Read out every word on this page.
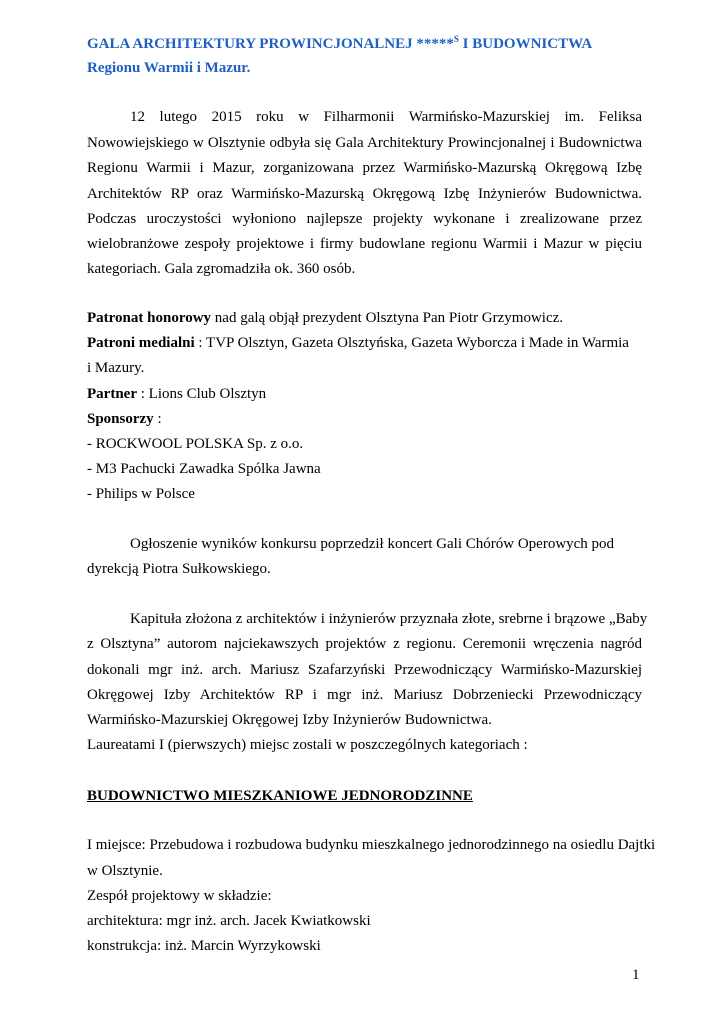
GALA ARCHITEKTURY PROWINCJONALNEJ *****$^S$ I BUDOWNICTWA
Regionu Warmii i Mazur.
12 lutego 2015 roku w Filharmonii Warmińsko-Mazurskiej im. Feliksa
Nowowiejskiego w Olsztynie odbyła się Gala Architektury Prowincjonalnej i Budownictwa
Regionu Warmii i Mazur, zorganizowana przez Warmińsko-Mazurską Okręgową Izbę
Architektów RP oraz Warmińsko-Mazurską Okręgową Izbę Inżynierów Budownictwa.
Podczas uroczystości wyłoniono najlepsze projekty wykonane i zrealizowane przez
wielobranżowe zespoły projektowe i firmy budowlane regionu Warmii i Mazur w pięciu
kategoriach. Gala zgromadziła ok. 360 osób.
Patronat honorowy nad galą objął prezydent Olsztyna Pan Piotr Grzymowicz.
Patroni medialni : TVP Olsztyn, Gazeta Olsztyńska, Gazeta Wyborcza i Made in Warmia
i Mazury.
Partner : Lions Club Olsztyn
Sponsorzy :
- ROCKWOOL POLSKA Sp. z o.o.
- M3 Pachucki Zawadka Spólka Jawna
- Philips w Polsce
Ogłoszenie wyników konkursu poprzedził koncert Gali Chórów Operowych pod
dyrekcją Piotra Sułkowskiego.
Kapituła złożona z architektów i inżynierów przyznała złote, srebrne i brązowe „Baby
z Olsztyna” autorom najciekawszych projektów z regionu. Ceremonii wręczenia nagród
dokonali mgr inż. arch. Mariusz Szafarzyński Przewodniczący Warmińsko-Mazurskiej
Okręgowej Izby Architektów RP i mgr inż. Mariusz Dobrzeniecki Przewodniczący
Warmińsko-Mazurskiej Okręgowej Izby Inżynierów Budownictwa.
Laureatami I (pierwszych) miejsc zostali w poszczególnych kategoriach :
BUDOWNICTWO MIESZKANIOWE JEDNORODZINNE
I miejsce: Przebudowa i rozbudowa budynku mieszkalnego jednorodzinnego na osiedlu Dajtki
w Olsztynie.
Zespół projektowy w składzie:
architektura: mgr inż. arch. Jacek Kwiatkowski
konstrukcja: inż. Marcin Wyrzykowski
1
